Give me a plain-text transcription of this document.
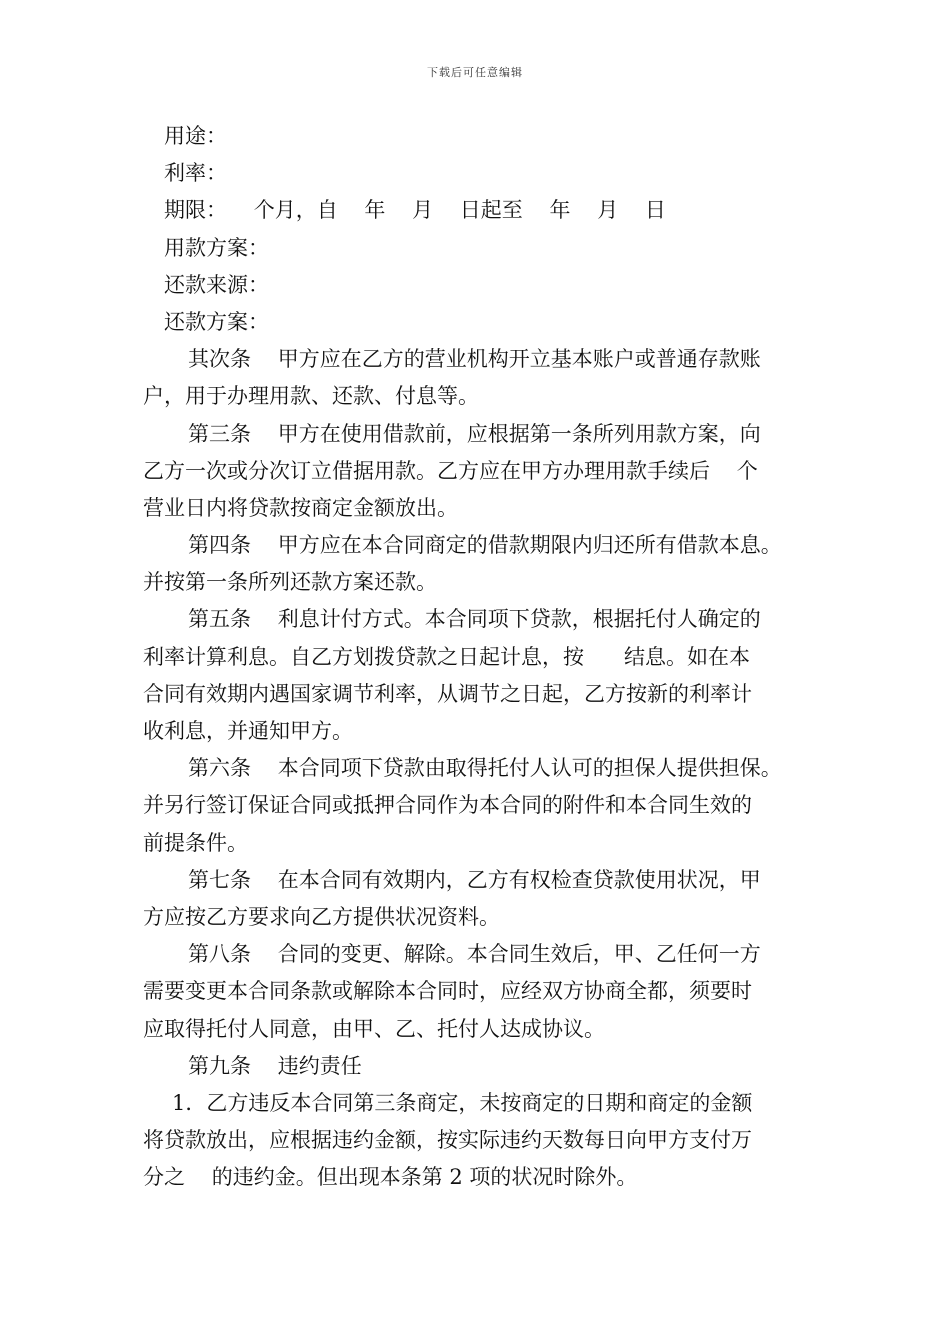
下载后可任意编辑
用途：
利率：
期限：    个月，自    年    月    日起至    年    月    日
用款方案：
还款来源：
还款方案：
其次条    甲方应在乙方的营业机构开立基本账户或普通存款账
户，用于办理用款、还款、付息等。
第三条    甲方在使用借款前，应根据第一条所列用款方案，向
乙方一次或分次订立借据用款。乙方应在甲方办理用款手续后    个
营业日内将贷款按商定金额放出。
第四条    甲方应在本合同商定的借款期限内归还所有借款本息。
并按第一条所列还款方案还款。
第五条    利息计付方式。本合同项下贷款，根据托付人确定的
利率计算利息。自乙方划拨贷款之日起计息，按      结息。如在本
合同有效期内遇国家调节利率，从调节之日起，乙方按新的利率计
收利息，并通知甲方。
第六条    本合同项下贷款由取得托付人认可的担保人提供担保。
并另行签订保证合同或抵押合同作为本合同的附件和本合同生效的
前提条件。
第七条    在本合同有效期内，乙方有权检查贷款使用状况，甲
方应按乙方要求向乙方提供状况资料。
第八条    合同的变更、解除。本合同生效后，甲、乙任何一方
需要变更本合同条款或解除本合同时，应经双方协商全都，须要时
应取得托付人同意，由甲、乙、托付人达成协议。
第九条    违约责任
1．乙方违反本合同第三条商定，未按商定的日期和商定的金额
将贷款放出，应根据违约金额，按实际违约天数每日向甲方支付万
分之    的违约金。但出现本条第 2 项的状况时除外。
